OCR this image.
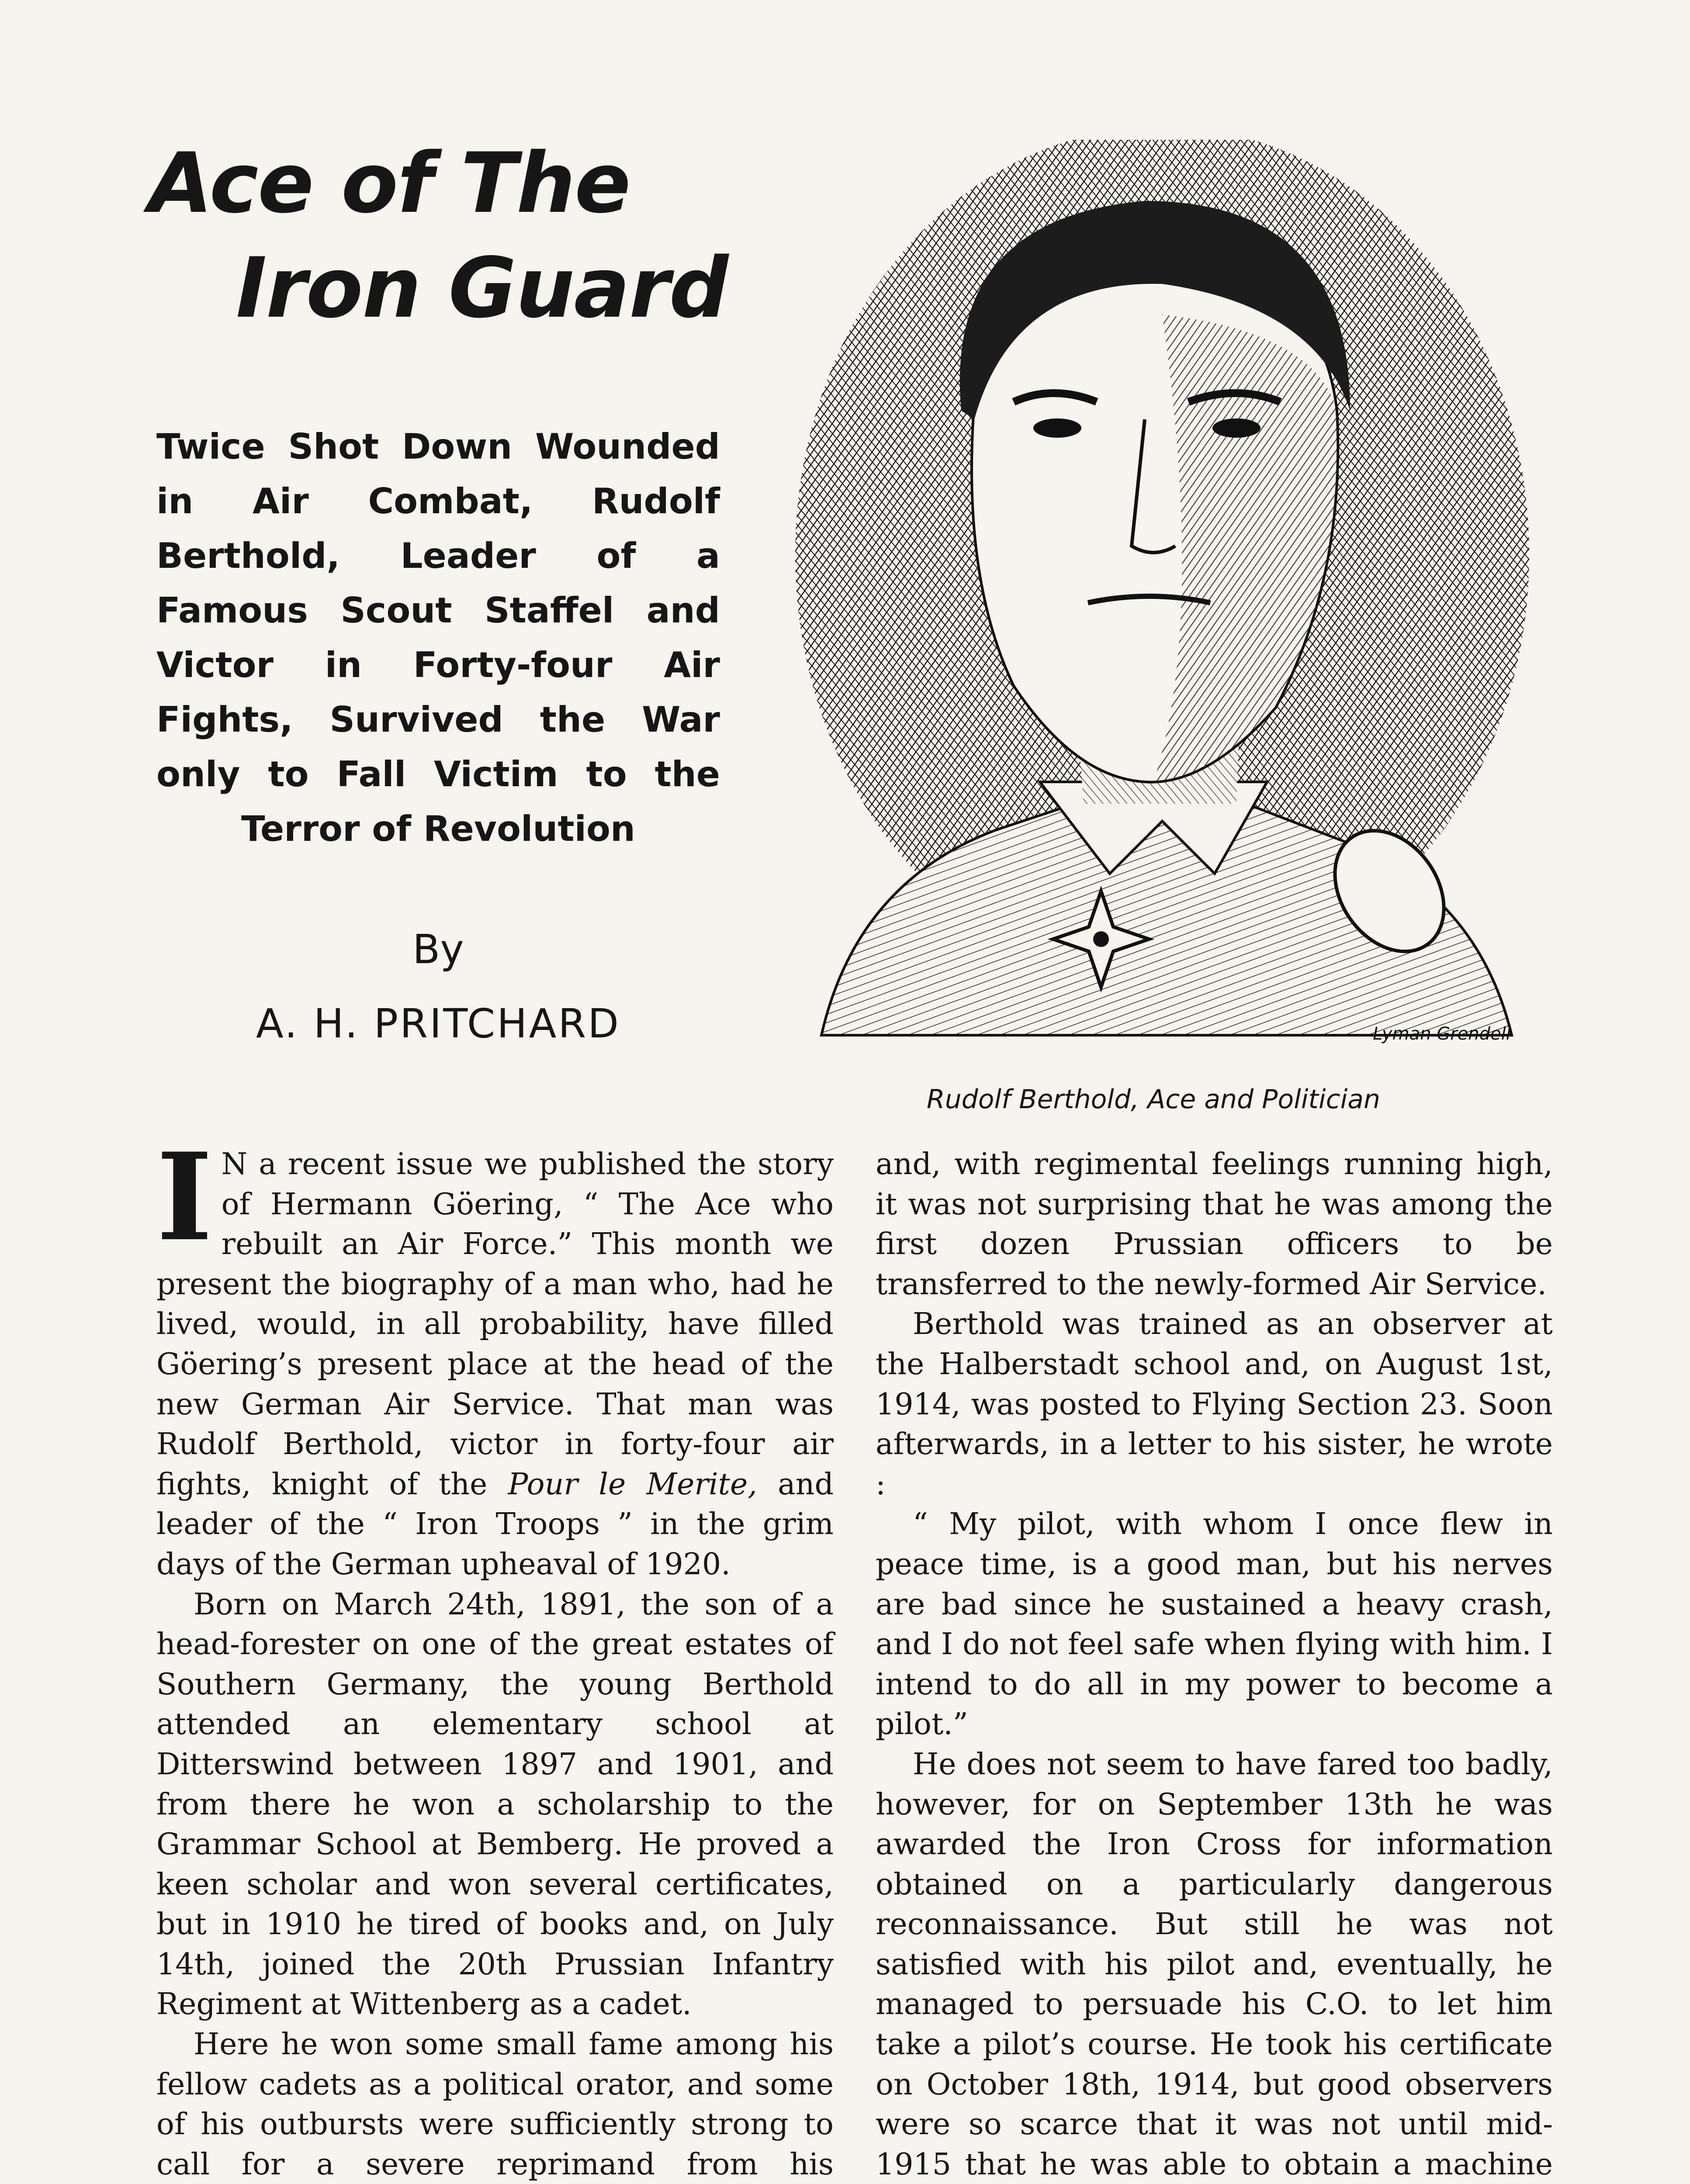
Ace of The
Iron Guard

Twice Shot Down Wounded in Air Combat, Rudolf Berthold, Leader of a Famous Scout Staffel and Victor in Forty-four Air Fights, Survived the War only to Fall Victim to the Terror of Revolution

By
A. H. PRITCHARD	Lyman Grendell
Rudolf Berthold, Ace and Politician

I N a recent issue we published the story of Hermann Göering, “ The Ace who rebuilt an Air Force.” This month we present the biography of a man who, had he lived, would, in all probability, have filled Göering’s present place at the head of the new German Air Service. That man was Rudolf Berthold, victor in forty-four air fights, knight of the Pour le Merite, and leader of the “ Iron Troops ” in the grim days of the German upheaval of 1920.

Born on March 24th, 1891, the son of a head-forester on one of the great estates of Southern Germany, the young Berthold attended an elementary school at Ditterswind between 1897 and 1901, and from there he won a scholarship to the Grammar School at Bemberg. He proved a keen scholar and won several certificates, but in 1910 he tired of books and, on July 14th, joined the 20th Prussian Infantry Regiment at Wittenberg as a cadet.

Here he won some small fame among his fellow cadets as a political orator, and some of his outbursts were sufficiently strong to call for a severe reprimand from his

and, with regimental feelings running high, it was not surprising that he was among the first dozen Prussian officers to be transferred to the newly-formed Air Service.

Berthold was trained as an observer at the Halberstadt school and, on August 1st, 1914, was posted to Flying Section 23. Soon afterwards, in a letter to his sister, he wrote :

“ My pilot, with whom I once flew in peace time, is a good man, but his nerves are bad since he sustained a heavy crash, and I do not feel safe when flying with him. I intend to do all in my power to become a pilot.”

He does not seem to have fared too badly, however, for on September 13th he was awarded the Iron Cross for information obtained on a particularly dangerous reconnaissance. But still he was not satisfied with his pilot and, eventually, he managed to persuade his C.O. to let him take a pilot’s course. He took his certificate on October 18th, 1914, but good observers were so scarce that it was not until mid-1915 that he was able to obtain a machine
